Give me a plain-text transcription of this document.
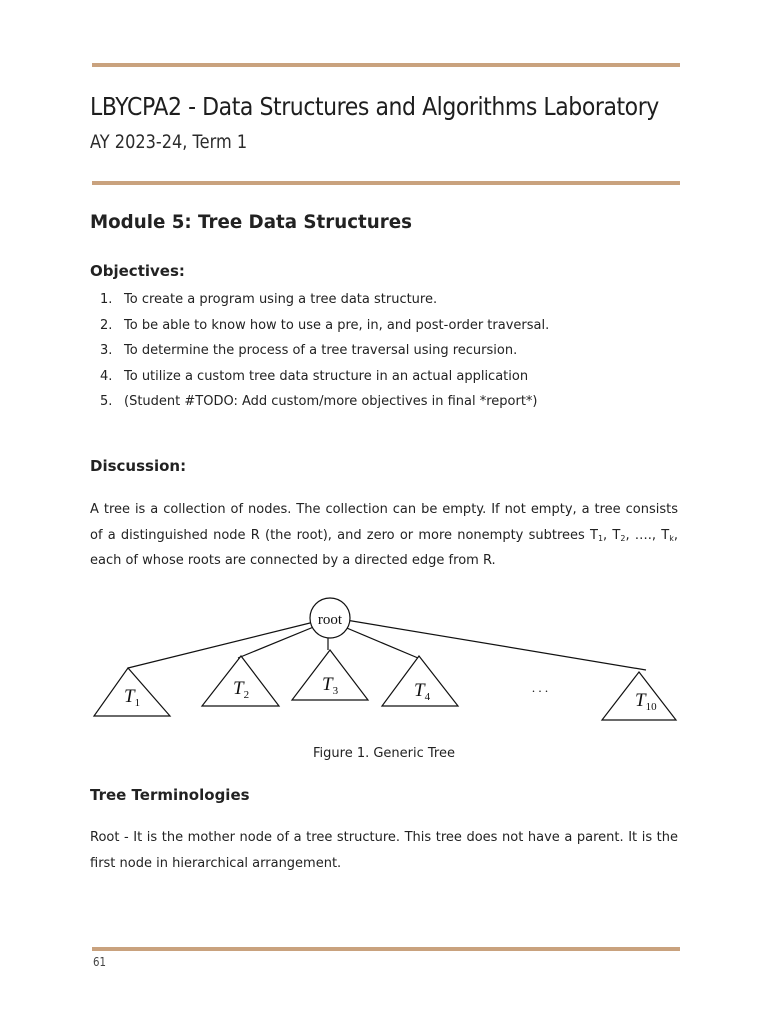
LBYCPA2 - Data Structures and Algorithms Laboratory
AY 2023-24, Term 1
Module 5: Tree Data Structures
Objectives:
1. To create a program using a tree data structure.
2. To be able to know how to use a pre, in, and post-order traversal.
3. To determine the process of a tree traversal using recursion.
4. To utilize a custom tree data structure in an actual application
5. (Student #TODO: Add custom/more objectives in final *report*)
Discussion:

A tree is a collection of nodes. The collection can be empty. If not empty, a tree consists of a distinguished node R (the root), and zero or more nonempty subtrees $T_1$, $T_2$, …., $T_k$, each of whose roots are connected by a directed edge from R.

root
$T_1$
$T_2$	$T_3$	$T_4$	$T_{10}$
. . .
Figure 1. Generic Tree
Tree Terminologies

Root - It is the mother node of a tree structure. This tree does not have a parent. It is the first node in hierarchical arrangement.

61
